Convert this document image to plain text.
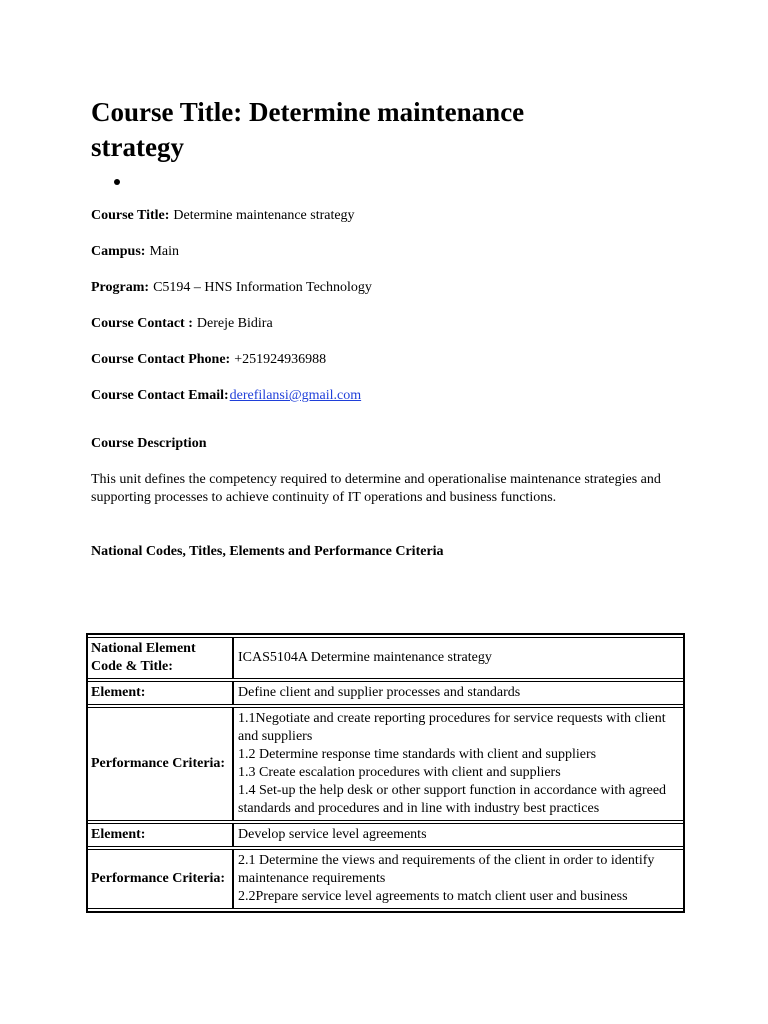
Course Title: Determine maintenance strategy
Course Title: Determine maintenance strategy
Campus: Main
Program: C5194 – HNS Information Technology
Course Contact : Dereje Bidira
Course Contact Phone: +251924936988
Course Contact Email:derefilansi@gmail.com

Course Description

This unit defines the competency required to determine and operationalise maintenance strategies and supporting processes to achieve continuity of IT operations and business functions.

National Codes, Titles, Elements and Performance Criteria

National Element Code & Title:	ICAS5104A Determine maintenance strategy

Element:	Define client and supplier processes and standards

Performance Criteria:	1.1Negotiate and create reporting procedures for service requests with client and suppliers
1.2 Determine response time standards with client and suppliers
1.3 Create escalation procedures with client and suppliers
1.4 Set-up the help desk or other support function in accordance with agreed standards and procedures and in line with industry best practices

Element:	Develop service level agreements

Performance Criteria:	2.1 Determine the views and requirements of the client in order to identify maintenance requirements
2.2Prepare service level agreements to match client user and business
